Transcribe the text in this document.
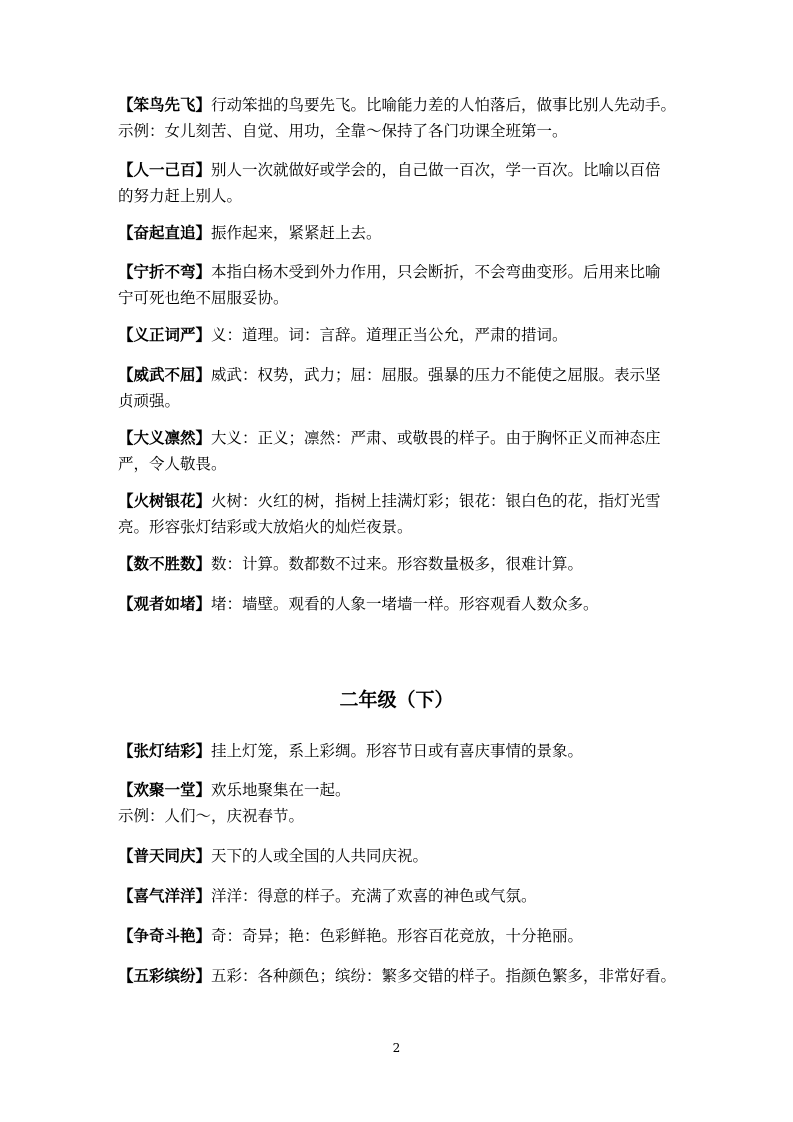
【笨鸟先飞】行动笨拙的鸟要先飞。比喻能力差的人怕落后，做事比别人先动手。
示例：女儿刻苦、自觉、用功，全靠～保持了各门功课全班第一。

【人一己百】别人一次就做好或学会的，自己做一百次，学一百次。比喻以百倍
的努力赶上别人。

【奋起直追】振作起来，紧紧赶上去。

【宁折不弯】本指白杨木受到外力作用，只会断折，不会弯曲变形。后用来比喻
宁可死也绝不屈服妥协。

【义正词严】义：道理。词：言辞。道理正当公允，严肃的措词。

【威武不屈】威武：权势，武力；屈：屈服。强暴的压力不能使之屈服。表示坚
贞顽强。

【大义凛然】大义：正义；凛然：严肃、或敬畏的样子。由于胸怀正义而神态庄
严，令人敬畏。

【火树银花】火树：火红的树，指树上挂满灯彩；银花：银白色的花，指灯光雪
亮。形容张灯结彩或大放焰火的灿烂夜景。

【数不胜数】数：计算。数都数不过来。形容数量极多，很难计算。

【观者如堵】堵：墙壁。观看的人象一堵墙一样。形容观看人数众多。

二年级（下）

【张灯结彩】挂上灯笼，系上彩绸。形容节日或有喜庆事情的景象。

【欢聚一堂】欢乐地聚集在一起。
示例：人们～，庆祝春节。

【普天同庆】天下的人或全国的人共同庆祝。

【喜气洋洋】洋洋：得意的样子。充满了欢喜的神色或气氛。

【争奇斗艳】奇：奇异；艳：色彩鲜艳。形容百花竞放，十分艳丽。

【五彩缤纷】五彩：各种颜色；缤纷：繁多交错的样子。指颜色繁多，非常好看。

2
